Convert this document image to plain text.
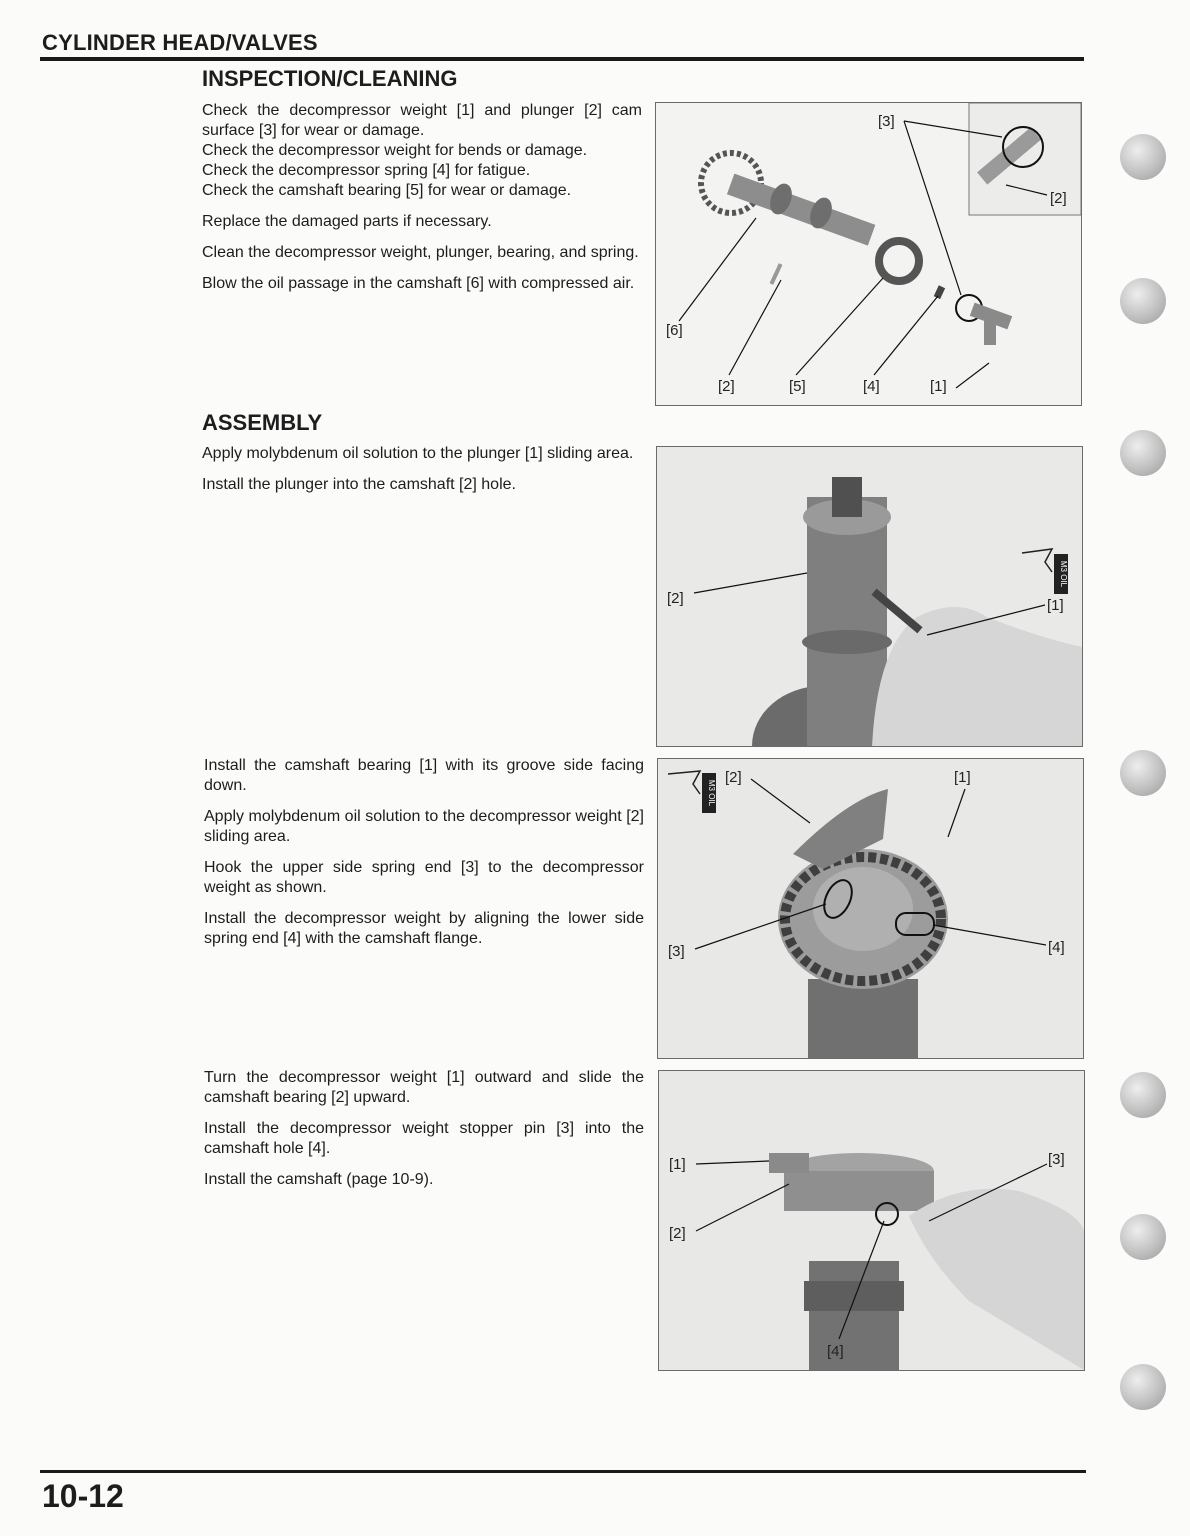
CYLINDER HEAD/VALVES
INSPECTION/CLEANING

Check the decompressor weight [1] and plunger [2] cam surface [3] for wear or damage.

Check the decompressor weight for bends or damage.

Check the decompressor spring [4] for fatigue.

Check the camshaft bearing [5] for wear or damage.

Replace the damaged parts if necessary.

Clean the decompressor weight, plunger, bearing, and spring.

Blow the oil passage in the camshaft [6] with compressed air.

[3]
[2]
[6]
[2]	[5]	[4]	[1]
ASSEMBLY

Apply molybdenum oil solution to the plunger [1] sliding area.

Install the plunger into the camshaft [2] hole.

M3 OIL
[2]	[1]

Install the camshaft bearing [1] with its groove side facing down.

Apply molybdenum oil solution to the decompressor weight [2] sliding area.

Hook the upper side spring end [3] to the decompressor weight as shown.

Install the decompressor weight by aligning the lower side spring end [4] with the camshaft flange.

M3 OIL
[2]	[1]
[3]	[4]

Turn the decompressor weight [1] outward and slide the camshaft bearing [2] upward.

Install the decompressor weight stopper pin [3] into the camshaft hole [4].

Install the camshaft (page 10-9).

[1]	[3]
[2]
[4]
10-12
